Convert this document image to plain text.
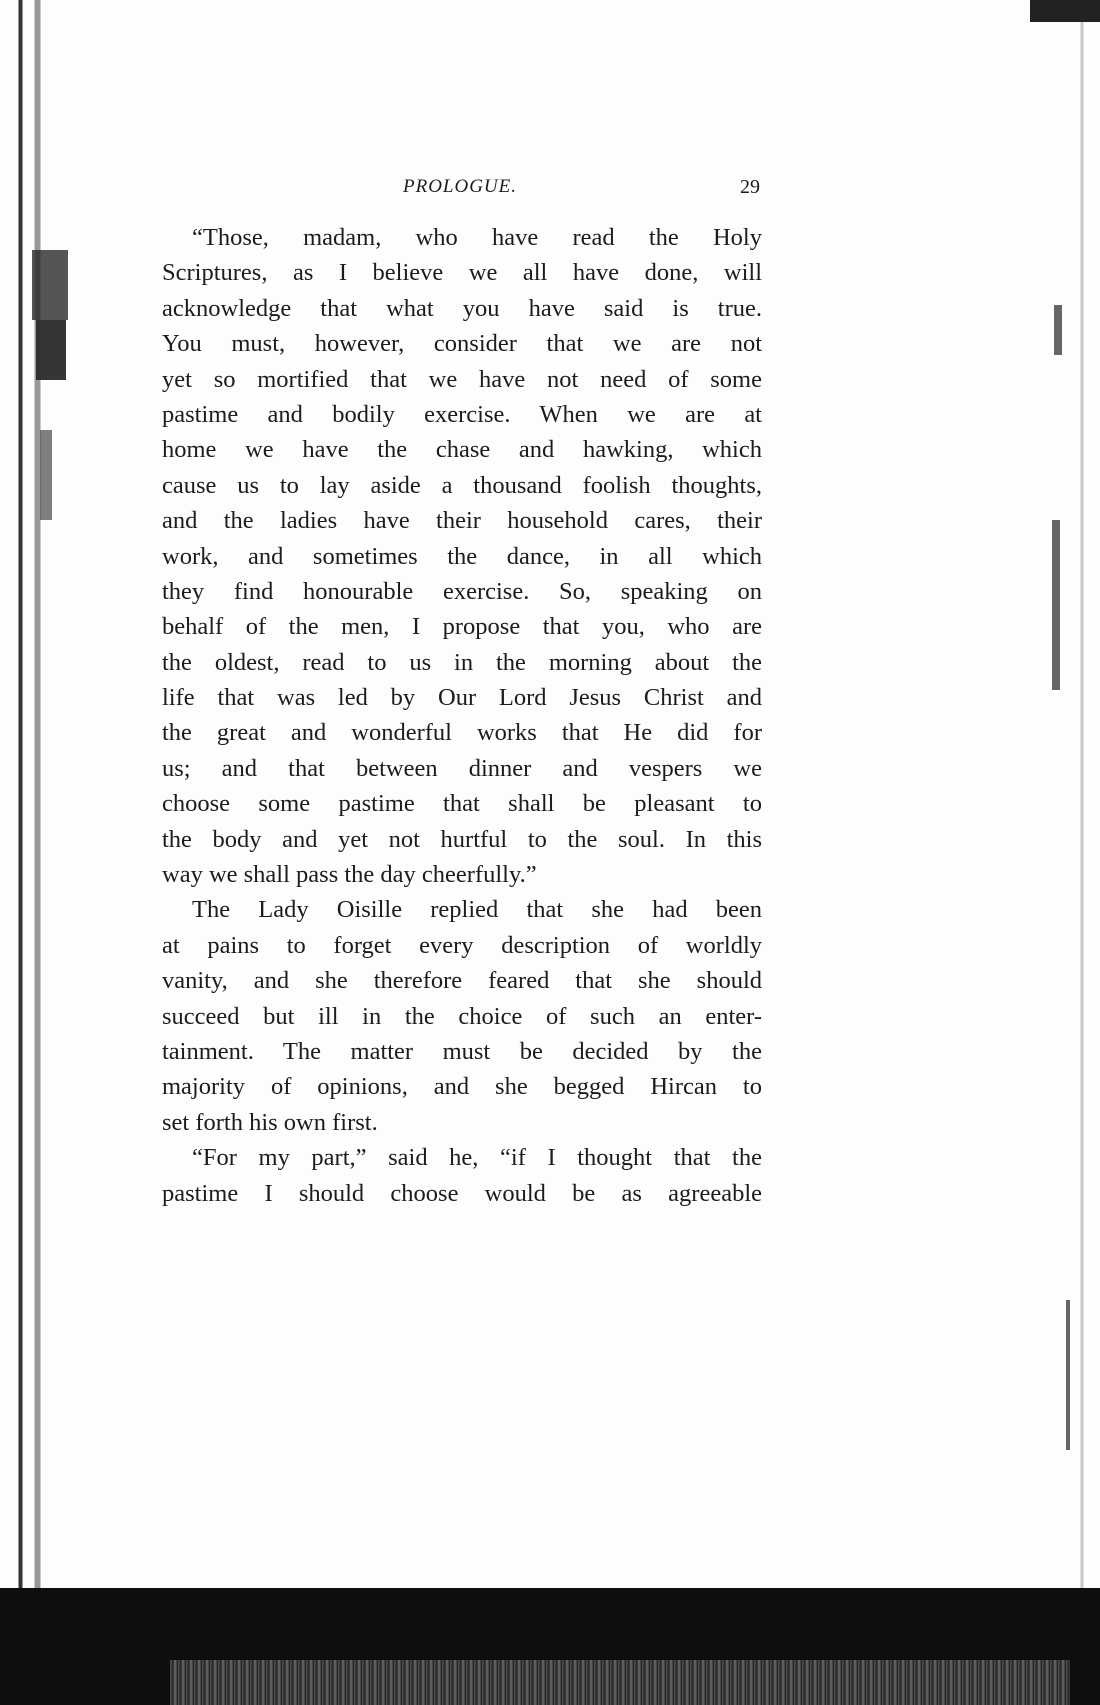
PROLOGUE.	29
“Those, madam, who have read the Holy
Scriptures, as I believe we all have done, will
acknowledge that what you have said is true.
You must, however, consider that we are not
yet so mortified that we have not need of some
pastime and bodily exercise. When we are at
home we have the chase and hawking, which
cause us to lay aside a thousand foolish thoughts,
and the ladies have their household cares, their
work, and sometimes the dance, in all which
they find honourable exercise. So, speaking on
behalf of the men, I propose that you, who are
the oldest, read to us in the morning about the
life that was led by Our Lord Jesus Christ and
the great and wonderful works that He did for
us; and that between dinner and vespers we
choose some pastime that shall be pleasant to
the body and yet not hurtful to the soul. In this
way we shall pass the day cheerfully.”
The Lady Oisille replied that she had been
at pains to forget every description of worldly
vanity, and she therefore feared that she should
succeed but ill in the choice of such an enter-
tainment. The matter must be decided by the
majority of opinions, and she begged Hircan to
set forth his own first.
“For my part,” said he, “if I thought that the
pastime I should choose would be as agreeable
